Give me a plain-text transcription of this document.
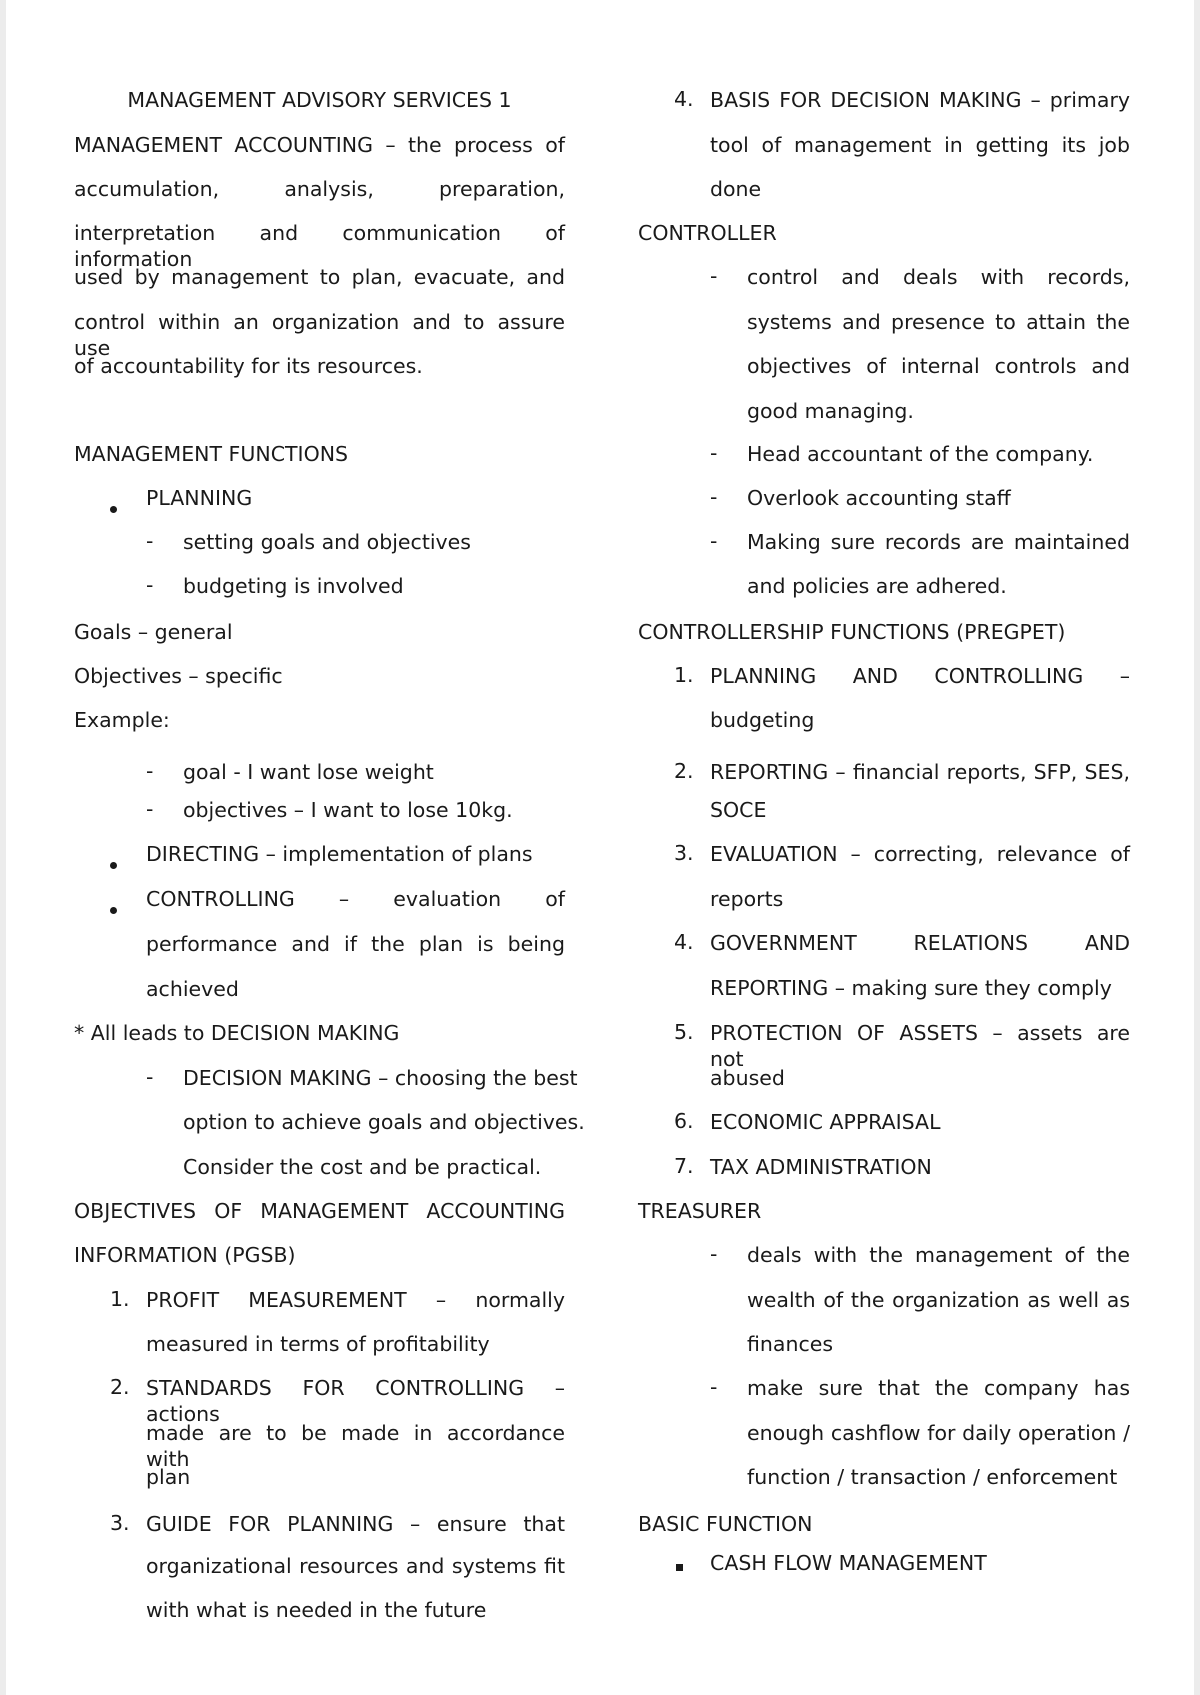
MANAGEMENT ADVISORY SERVICES 1
MANAGEMENT ACCOUNTING – the process of
accumulation, analysis, preparation,
interpretation and communication of information
used by management to plan, evacuate, and
control within an organization and to assure use
of accountability for its resources.
MANAGEMENT FUNCTIONS
PLANNING
- setting goals and objectives
- budgeting is involved
Goals – general
Objectives – specific
Example:
- goal - I want lose weight
- objectives – I want to lose 10kg.
DIRECTING – implementation of plans
CONTROLLING – evaluation of
performance and if the plan is being
achieved
* All leads to DECISION MAKING
- DECISION MAKING – choosing the best
option to achieve goals and objectives.
Consider the cost and be practical.
OBJECTIVES OF MANAGEMENT ACCOUNTING
INFORMATION (PGSB)
1. PROFIT MEASUREMENT – normally
measured in terms of profitability
2. STANDARDS FOR CONTROLLING – actions
made are to be made in accordance with
plan
3. GUIDE FOR PLANNING – ensure that
organizational resources and systems fit
with what is needed in the future
4. BASIS FOR DECISION MAKING – primary
tool of management in getting its job
done
CONTROLLER
- control and deals with records,
systems and presence to attain the
objectives of internal controls and
good managing.
- Head accountant of the company.
- Overlook accounting staff
- Making sure records are maintained
and policies are adhered.
CONTROLLERSHIP FUNCTIONS (PREGPET)
1. PLANNING AND CONTROLLING –
budgeting
2. REPORTING – financial reports, SFP, SES,
SOCE
3. EVALUATION – correcting, relevance of
reports
4. GOVERNMENT RELATIONS AND
REPORTING – making sure they comply
5. PROTECTION OF ASSETS – assets are not
abused
6. ECONOMIC APPRAISAL
7. TAX ADMINISTRATION
TREASURER
- deals with the management of the
wealth of the organization as well as
finances
- make sure that the company has
enough cashflow for daily operation /
function / transaction / enforcement
BASIC FUNCTION
CASH FLOW MANAGEMENT
